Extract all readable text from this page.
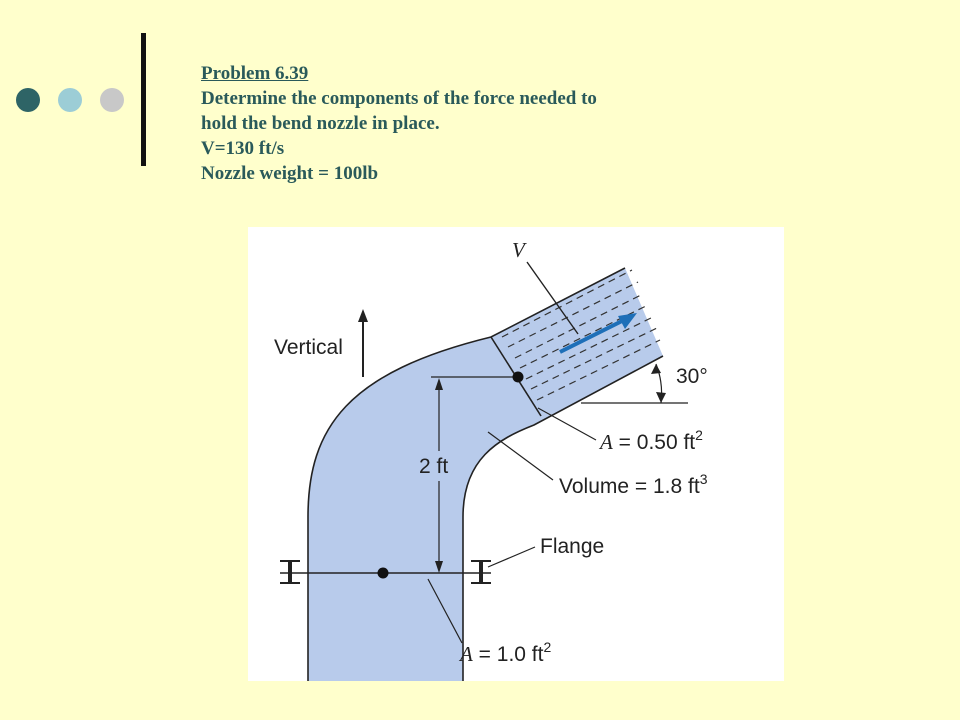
Problem 6.39
Determine the components of the force needed to
hold the bend nozzle in place.
V=130 ft/s
Nozzle weight = 100lb
V
Vertical
30°
2 ft
A = 0.50 $ft^2$
Volume = 1.8 $ft^3$
Flange
A = 1.0 $ft^2$
